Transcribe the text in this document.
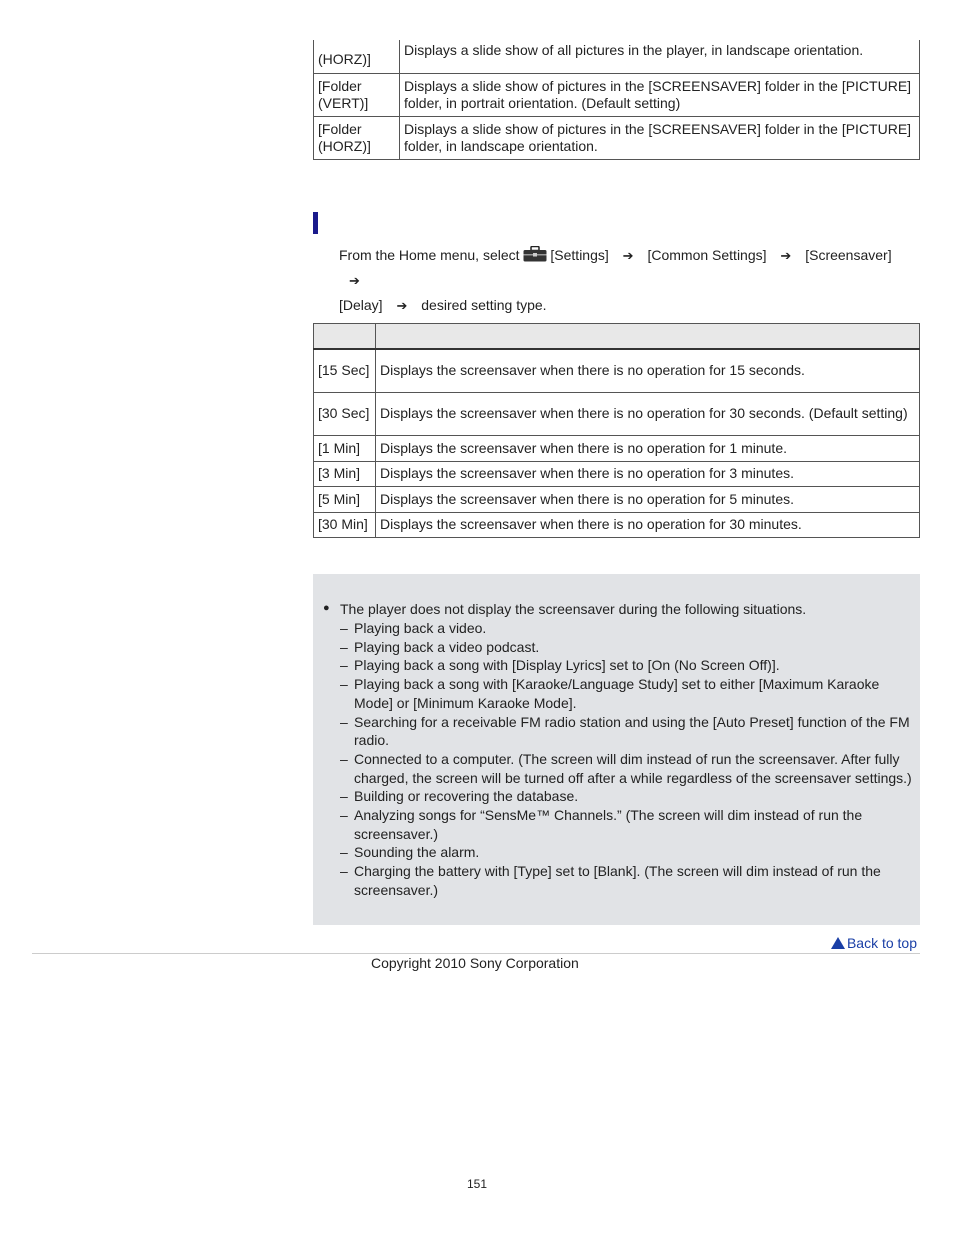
(HORZ)]	Displays a slide show of all pictures in the player, in landscape orientation.
[Folder (VERT)]	Displays a slide show of pictures in the [SCREENSAVER] folder in the [PICTURE] folder, in portrait orientation. (Default setting)
[Folder (HORZ)]	Displays a slide show of pictures in the [SCREENSAVER] folder in the [PICTURE] folder, in landscape orientation.
From the Home menu, select [Settings] ➔ [Common Settings] ➔ [Screensaver] ➔
[Delay] ➔ desired setting type.

[15 Sec]	Displays the screensaver when there is no operation for 15 seconds.
[30 Sec]	Displays the screensaver when there is no operation for 30 seconds. (Default setting)
[1 Min]	Displays the screensaver when there is no operation for 1 minute.
[3 Min]	Displays the screensaver when there is no operation for 3 minutes.
[5 Min]	Displays the screensaver when there is no operation for 5 minutes.
[30 Min]	Displays the screensaver when there is no operation for 30 minutes.
● The player does not display the screensaver during the following situations.
– Playing back a video.
– Playing back a video podcast.
– Playing back a song with [Display Lyrics] set to [On (No Screen Off)].
– Playing back a song with [Karaoke/Language Study] set to either [Maximum Karaoke Mode] or [Minimum Karaoke Mode].
– Searching for a receivable FM radio station and using the [Auto Preset] function of the FM radio.
– Connected to a computer. (The screen will dim instead of run the screensaver. After fully charged, the screen will be turned off after a while regardless of the screensaver settings.)
– Building or recovering the database.
– Analyzing songs for “SensMe™ Channels.” (The screen will dim instead of run the screensaver.)
– Sounding the alarm.
– Charging the battery with [Type] set to [Blank]. (The screen will dim instead of run the screensaver.)
Back to top
Copyright 2010 Sony Corporation
151
